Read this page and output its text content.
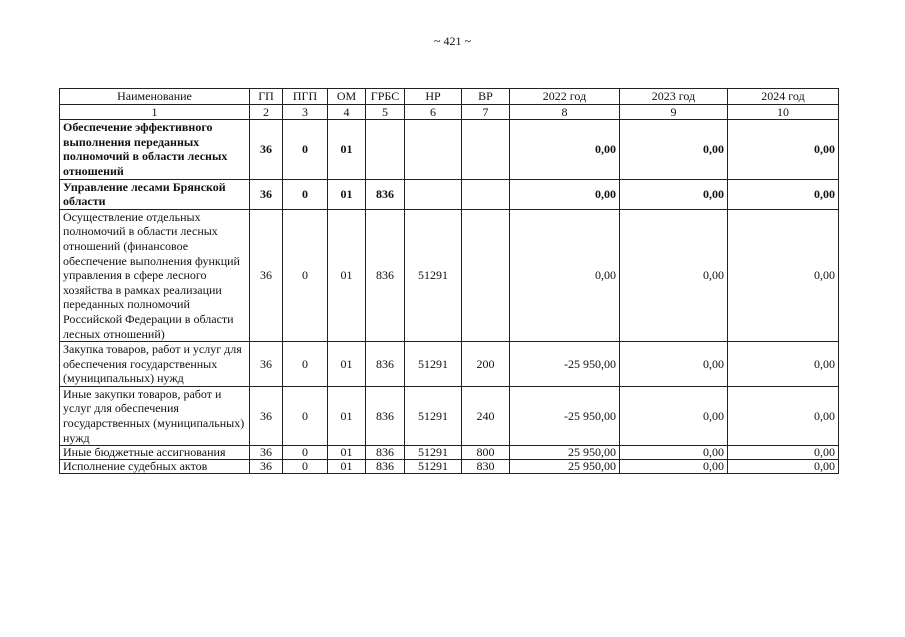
~ 421 ~
Наименование	ГП	ПГП	ОМ	ГРБС	НР	ВР	2022 год	2023 год	2024 год
1	2	3	4	5	6	7	8	9	10
Обеспечение эффективного выполнения переданных полномочий в области лесных отношений	36	0	01				0,00	0,00	0,00
Управление лесами Брянской области	36	0	01	836			0,00	0,00	0,00
Осуществление отдельных полномочий в области лесных отношений (финансовое обеспечение выполнения функций управления в сфере лесного хозяйства в рамках реализации переданных полномочий Российской Федерации в области лесных отношений)	36	0	01	836	51291		0,00	0,00	0,00
Закупка товаров, работ и услуг для обеспечения государственных (муниципальных) нужд	36	0	01	836	51291	200	-25 950,00	0,00	0,00
Иные закупки товаров, работ и услуг для обеспечения государственных (муниципальных) нужд	36	0	01	836	51291	240	-25 950,00	0,00	0,00
Иные бюджетные ассигнования	36	0	01	836	51291	800	25 950,00	0,00	0,00
Исполнение судебных актов	36	0	01	836	51291	830	25 950,00	0,00	0,00
